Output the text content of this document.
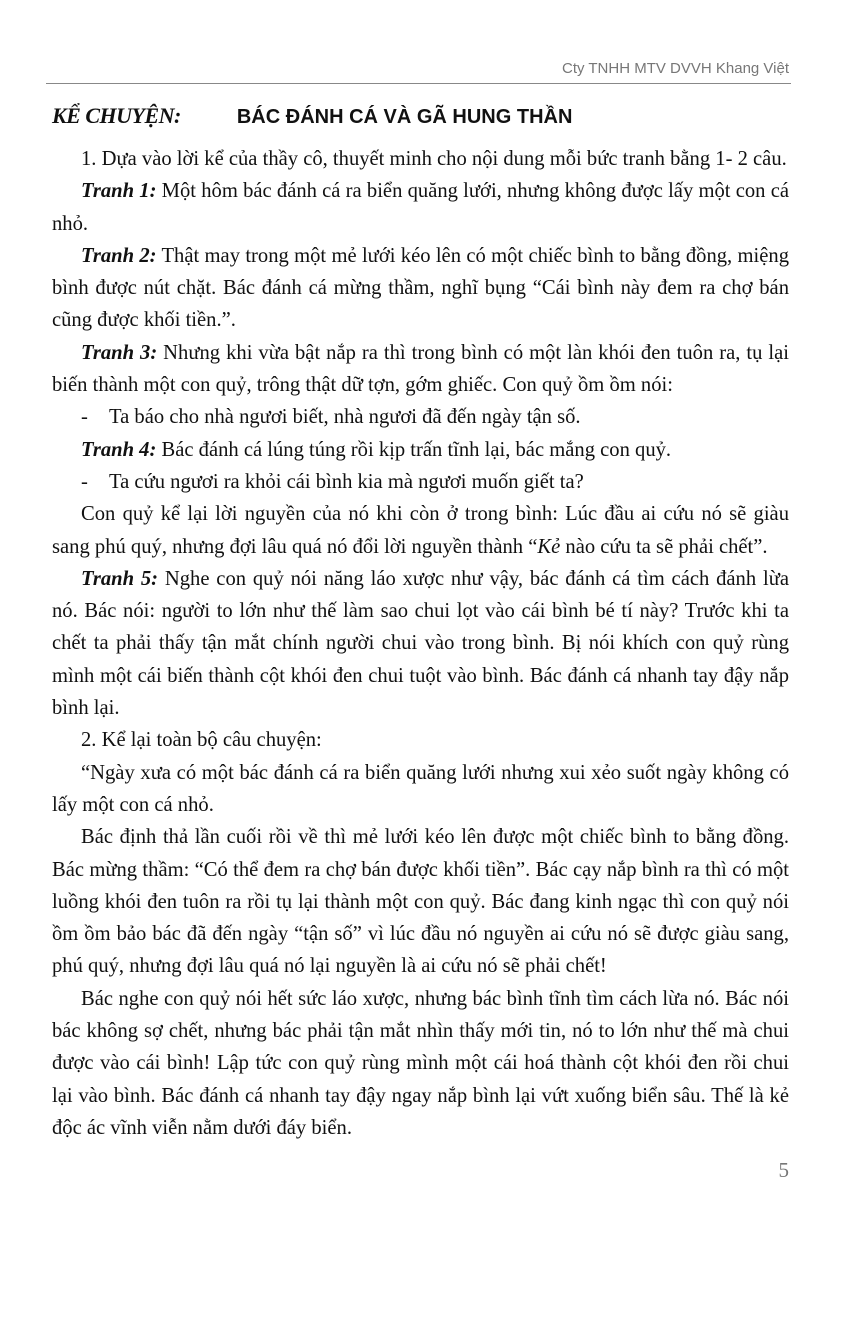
Cty TNHH MTV DVVH Khang Việt
KỂ CHUYỆN:	BÁC ĐÁNH CÁ VÀ GÃ HUNG THẦN

1. Dựa vào lời kể của thầy cô, thuyết minh cho nội dung mỗi bức tranh bằng 1- 2 câu.

Tranh 1: Một hôm bác đánh cá ra biển quăng lưới, nhưng không được lấy một con cá nhỏ.

Tranh 2: Thật may trong một mẻ lưới kéo lên có một chiếc bình to bằng đồng, miệng bình được nút chặt. Bác đánh cá mừng thầm, nghĩ bụng “Cái bình này đem ra chợ bán cũng được khối tiền.”.

Tranh 3: Nhưng khi vừa bật nắp ra thì trong bình có một làn khói đen tuôn ra, tụ lại biến thành một con quỷ, trông thật dữ tợn, gớm ghiếc. Con quỷ ồm ồm nói:

- Ta báo cho nhà ngươi biết, nhà ngươi đã đến ngày tận số.

Tranh 4: Bác đánh cá lúng túng rồi kịp trấn tĩnh lại, bác mắng con quỷ.

- Ta cứu ngươi ra khỏi cái bình kia mà ngươi muốn giết ta?

Con quỷ kể lại lời nguyền của nó khi còn ở trong bình: Lúc đầu ai cứu nó sẽ giàu sang phú quý, nhưng đợi lâu quá nó đổi lời nguyền thành “Kẻ nào cứu ta sẽ phải chết”.

Tranh 5: Nghe con quỷ nói năng láo xược như vậy, bác đánh cá tìm cách đánh lừa nó. Bác nói: người to lớn như thế làm sao chui lọt vào cái bình bé tí này? Trước khi ta chết ta phải thấy tận mắt chính người chui vào trong bình. Bị nói khích con quỷ rùng mình một cái biến thành cột khói đen chui tuột vào bình. Bác đánh cá nhanh tay đậy nắp bình lại.

2. Kể lại toàn bộ câu chuyện:

“Ngày xưa có một bác đánh cá ra biển quăng lưới nhưng xui xẻo suốt ngày không có lấy một con cá nhỏ.

Bác định thả lần cuối rồi về thì mẻ lưới kéo lên được một chiếc bình to bằng đồng. Bác mừng thầm: “Có thể đem ra chợ bán được khối tiền”. Bác cạy nắp bình ra thì có một luồng khói đen tuôn ra rồi tụ lại thành một con quỷ. Bác đang kinh ngạc thì con quỷ nói ồm ồm bảo bác đã đến ngày “tận số” vì lúc đầu nó nguyền ai cứu nó sẽ được giàu sang, phú quý, nhưng đợi lâu quá nó lại nguyền là ai cứu nó sẽ phải chết!

Bác nghe con quỷ nói hết sức láo xược, nhưng bác bình tĩnh tìm cách lừa nó. Bác nói bác không sợ chết, nhưng bác phải tận mắt nhìn thấy mới tin, nó to lớn như thế mà chui được vào cái bình! Lập tức con quỷ rùng mình một cái hoá thành cột khói đen rồi chui lại vào bình. Bác đánh cá nhanh tay đậy ngay nắp bình lại vứt xuống biển sâu. Thế là kẻ độc ác vĩnh viễn nằm dưới đáy biển.

5
